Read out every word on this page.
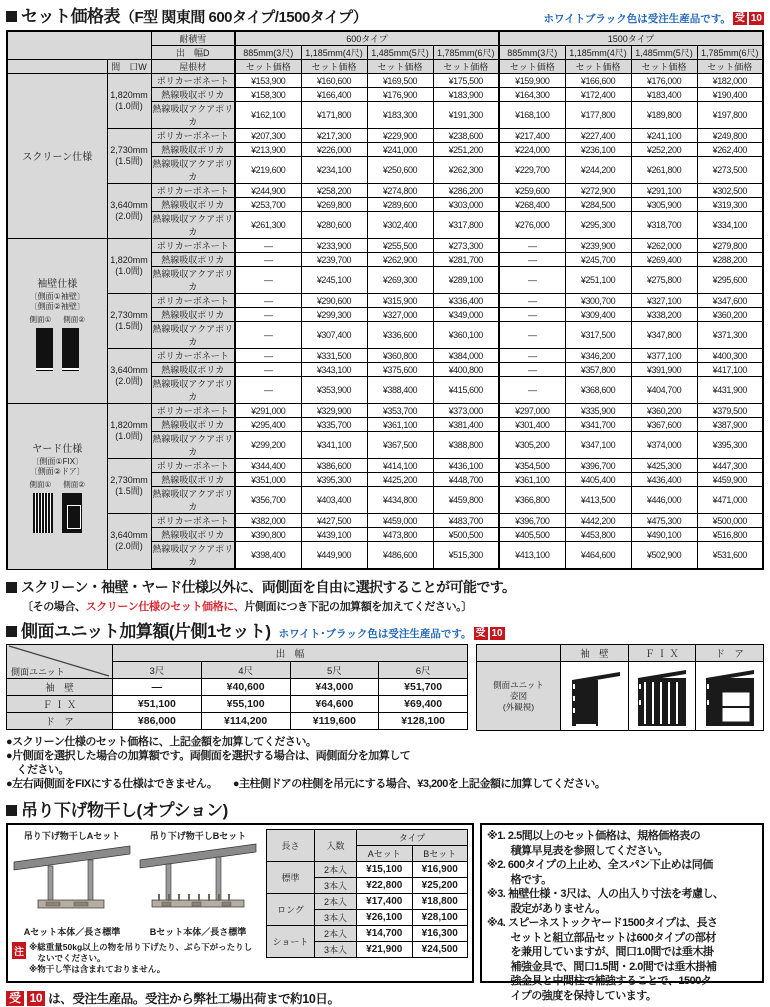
セット価格表（F型 関東間 600タイプ/1500タイプ）	ホワイトブラック色は受注生産品です。 受 10
		耐積雪	600タイプ				1500タイプ			
		出　幅D	885mm(3尺)	1,185mm(4尺)	1,485mm(5尺)	1,785mm(6尺)	885mm(3尺)	1,185mm(4尺)	1,485mm(5尺)	1,785mm(6尺)
	間　口W	屋根材	セット価格	セット価格	セット価格	セット価格	セット価格	セット価格	セット価格	セット価格

スクリーン仕様	1,820mm
(1.0間)	ポリカーボネート	¥153,900	¥160,600	¥169,500	¥175,500	¥159,900	¥166,600	¥176,000	¥182,000
		熱線吸収ポリカ	¥158,300	¥166,400	¥176,900	¥183,900	¥164,300	¥172,400	¥183,400	¥190,400
		熱線吸収アクアポリカ	¥162,100	¥171,800	¥183,300	¥191,300	¥168,100	¥177,800	¥189,800	¥197,800
	2,730mm
(1.5間)	ポリカーボネート	¥207,300	¥217,300	¥229,900	¥238,600	¥217,400	¥227,400	¥241,100	¥249,800
		熱線吸収ポリカ	¥213,900	¥226,000	¥241,000	¥251,200	¥224,000	¥236,100	¥252,200	¥262,400
		熱線吸収アクアポリカ	¥219,600	¥234,100	¥250,600	¥262,300	¥229,700	¥244,200	¥261,800	¥273,500
	3,640mm
(2.0間)	ポリカーボネート	¥244,900	¥258,200	¥274,800	¥286,200	¥259,600	¥272,900	¥291,100	¥302,500
		熱線吸収ポリカ	¥253,700	¥269,800	¥289,600	¥303,000	¥268,400	¥284,500	¥305,900	¥319,300
		熱線吸収アクアポリカ	¥261,300	¥280,600	¥302,400	¥317,800	¥276,000	¥295,300	¥318,700	¥334,100

袖壁仕様
〔側面①袖壁〕
〔側面②袖壁〕
側面① 側面②
	1,820mm
(1.0間)	ポリカーボネート	—	¥233,900	¥255,500	¥273,300	—	¥239,900	¥262,000	¥279,800
		熱線吸収ポリカ	—	¥239,700	¥262,900	¥281,700	—	¥245,700	¥269,400	¥288,200
		熱線吸収アクアポリカ	—	¥245,100	¥269,300	¥289,100	—	¥251,100	¥275,800	¥295,600
	2,730mm
(1.5間)	ポリカーボネート	—	¥290,600	¥315,900	¥336,400	—	¥300,700	¥327,100	¥347,600
		熱線吸収ポリカ	—	¥299,300	¥327,000	¥349,000	—	¥309,400	¥338,200	¥360,200
		熱線吸収アクアポリカ	—	¥307,400	¥336,600	¥360,100	—	¥317,500	¥347,800	¥371,300
	3,640mm
(2.0間)	ポリカーボネート	—	¥331,500	¥360,800	¥384,000	—	¥346,200	¥377,100	¥400,300
		熱線吸収ポリカ	—	¥343,100	¥375,600	¥400,800	—	¥357,800	¥391,900	¥417,100
		熱線吸収アクアポリカ	—	¥353,900	¥388,400	¥415,600	—	¥368,600	¥404,700	¥431,900

ヤード仕様
〔側面①FIX〕
〔側面②ドア〕
側面① 側面②
	1,820mm
(1.0間)	ポリカーボネート	¥291,000	¥329,900	¥353,700	¥373,000	¥297,000	¥335,900	¥360,200	¥379,500
		熱線吸収ポリカ	¥295,400	¥335,700	¥361,100	¥381,400	¥301,400	¥341,700	¥367,600	¥387,900
		熱線吸収アクアポリカ	¥299,200	¥341,100	¥367,500	¥388,800	¥305,200	¥347,100	¥374,000	¥395,300
	2,730mm
(1.5間)	ポリカーボネート	¥344,400	¥386,600	¥414,100	¥436,100	¥354,500	¥396,700	¥425,300	¥447,300
		熱線吸収ポリカ	¥351,000	¥395,300	¥425,200	¥448,700	¥361,100	¥405,400	¥436,400	¥459,900
		熱線吸収アクアポリカ	¥356,700	¥403,400	¥434,800	¥459,800	¥366,800	¥413,500	¥446,000	¥471,000
	3,640mm
(2.0間)	ポリカーボネート	¥382,000	¥427,500	¥459,000	¥483,700	¥396,700	¥442,200	¥475,300	¥500,000
		熱線吸収ポリカ	¥390,800	¥439,100	¥473,800	¥500,500	¥405,500	¥453,800	¥490,100	¥516,800
		熱線吸収アクアポリカ	¥398,400	¥449,900	¥486,600	¥515,300	¥413,100	¥464,600	¥502,900	¥531,600
スクリーン・袖壁・ヤード仕様以外に、両側面を自由に選択することが可能です。
〔その場合、スクリーン仕様のセット価格に、片側面につき下記の加算額を加えてください。〕
側面ユニット加算額(片側1セット) ホワイト･ブラック色は受注生産品です。 受 10
側面ユニット	出　幅			
	3尺	4尺	5尺	6尺
袖　壁	—	¥40,600	¥43,000	¥51,700
Ｆ Ｉ Ｘ	¥51,100	¥55,100	¥64,600	¥69,400
ド　ア	¥86,000	¥114,200	¥119,600	¥128,100
	袖　壁	Ｆ Ｉ Ｘ	ド　ア
側面ユニット
姿図
(外観視)	

●スクリーン仕様のセット価格に、上記金額を加算してください。
●片側面を選択した場合の加算額です。両側面を選択する場合は、両側面分を加算して
　ください。
●左右両側面をFIXにする仕様はできません。　　●主柱側ドアの柱側を吊元にする場合、¥3,200を上記金額に加算してください。
吊り下げ物干し(オプション)
吊り下げ物干しAセット
Aセット本体／長さ標準
吊り下げ物干しBセット
Bセット本体／長さ標準
注 ※総重量50kg以上の物を吊り下げたり、ぶら下がったりし
　ないでください。
※物干し竿は含まれておりません。
長さ	入数	タイプ	
		Aセット	Bセット
標準	2本入	¥15,100	¥16,900
	3本入	¥22,800	¥25,200
ロング	2本入	¥17,400	¥18,800
	3本入	¥26,100	¥28,100
ショート	2本入	¥14,700	¥16,300
	3本入	¥21,900	¥24,500
※1. 2.5間以上のセット価格は、規格価格表の
　　 積算早見表を参照してください。
※2. 600タイプの上止め、全スパン下止めは同価
　　 格です。
※3. 袖壁仕様・3尺は、人の出入り寸法を考慮し、
　　 設定がありません。
※4. スピーネストックヤード1500タイプは、長さ
　　 セットと組立部品セットは600タイプの部材
　　 を兼用していますが、間口1.0間では垂木掛
　　 補強金具で、間口1.5間・2.0間では垂木掛補
　　 強金具と中間柱で補強することで、1500タ
　　 イプの強度を保持しています。
受 10 は、受注生産品。受注から弊社工場出荷まで約10日。
